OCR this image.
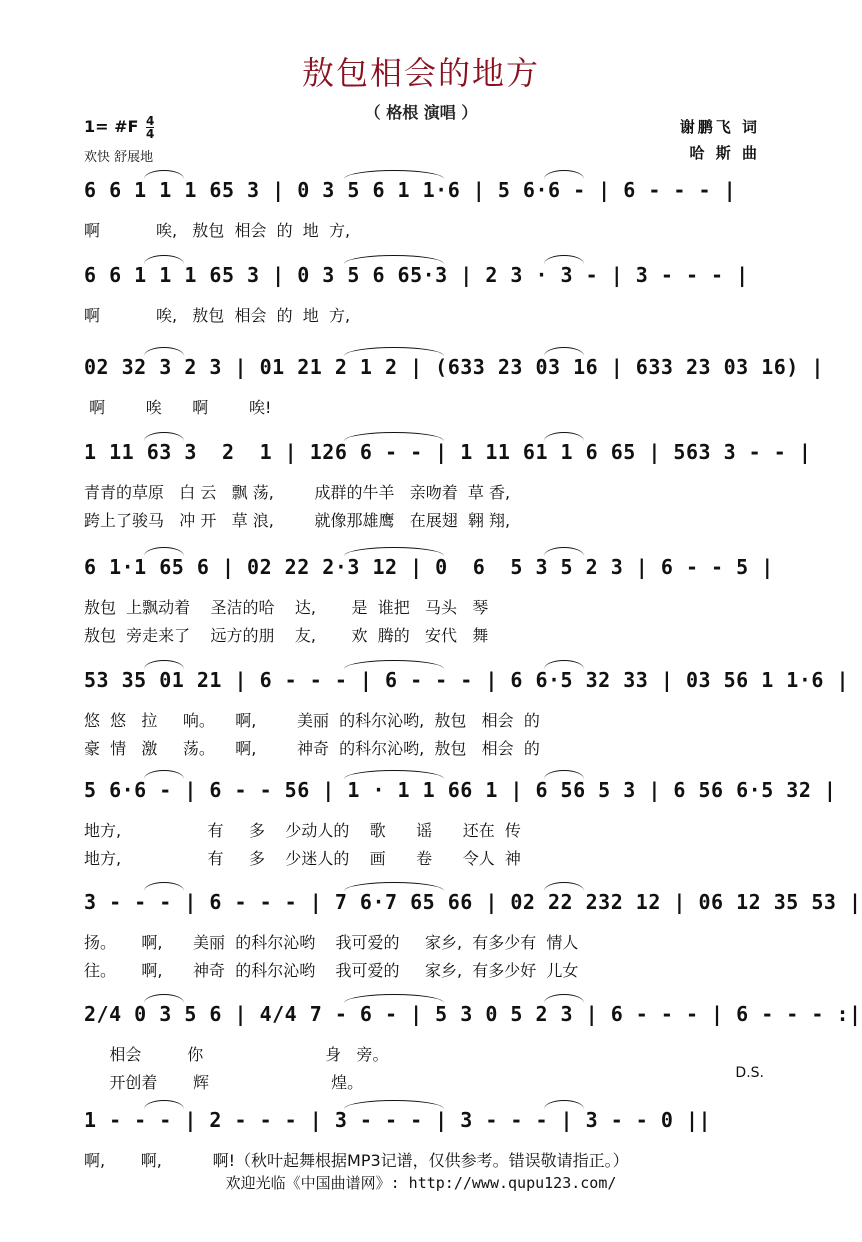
敖包相会的地方
（ 格根 演唱 ）
1= #F $\frac{4}{4}$
欢快 舒展地
谢鹏飞 词
哈 斯 曲
6 6 1 1 1 65 3 | 0 3 5 6 1 1·6 | 5 6·6 - | 6 - - - |
啊           唉,   敖包  相会  的  地  方,
6 6 1 1 1 65 3 | 0 3 5 6 65·3 | 2 3 · 3 - | 3 - - - |
啊           唉,   敖包  相会  的  地  方,
02 32 3 2 3 | 01 21 2 1 2 | (633 23 03 16 | 633 23 03 16) |
啊        唉      啊        唉!
1 11 63 3  2  1 | 126 6 - - | 1 11 61 1 6 65 | 563 3 - - |
青青的草原   白 云   飘 荡,        成群的牛羊   亲吻着  草 香,
跨上了骏马   冲 开   草 浪,        就像那雄鹰   在展翅  翱 翔,
6 1·1 65 6 | 02 22 2·3 12 | 0  6  5 3 5 2 3 | 6 - - 5 |
敖包  上飘动着    圣洁的哈    达,       是  谁把   马头   琴
敖包  旁走来了    远方的朋    友,       欢  腾的   安代   舞
53 35 01 21 | 6 - - - | 6 - - - | 6 6·5 32 33 | 03 56 1 1·6 |
悠  悠   拉     响。    啊,        美丽  的科尔沁哟,  敖包   相会  的
豪  情   激     荡。    啊,        神奇  的科尔沁哟,  敖包   相会  的
5 6·6 - | 6 - - 56 | 1 · 1 1 66 1 | 6 56 5 3 | 6 56 6·5 32 |
地方,                 有     多    少动人的    歌      谣      还在  传
地方,                 有     多    少迷人的    画      卷      令人  神
3 - - - | 6 - - - | 7 6·7 65 66 | 02 22 232 12 | 06 12 35 53 |
扬。     啊,      美丽  的科尔沁哟    我可爱的     家乡,  有多少有  情人
往。     啊,      神奇  的科尔沁哟    我可爱的     家乡,  有多少好  儿女
2/4 0 3 5 6 | 4/4 7 - 6 - | 5 3 0 5 2 3 | 6 - - - | 6 - - - :|
相会         你                        身   旁。
开创着       辉                        煌。
1 - - - | 2 - - - | 3 - - - | 3 - - - | 3 - - 0 ||
啊,       啊,          啊!（秋叶起舞根据MP3记谱，仅供参考。错误敬请指正。）
D.S.
欢迎光临《中国曲谱网》: http://www.qupu123.com/
